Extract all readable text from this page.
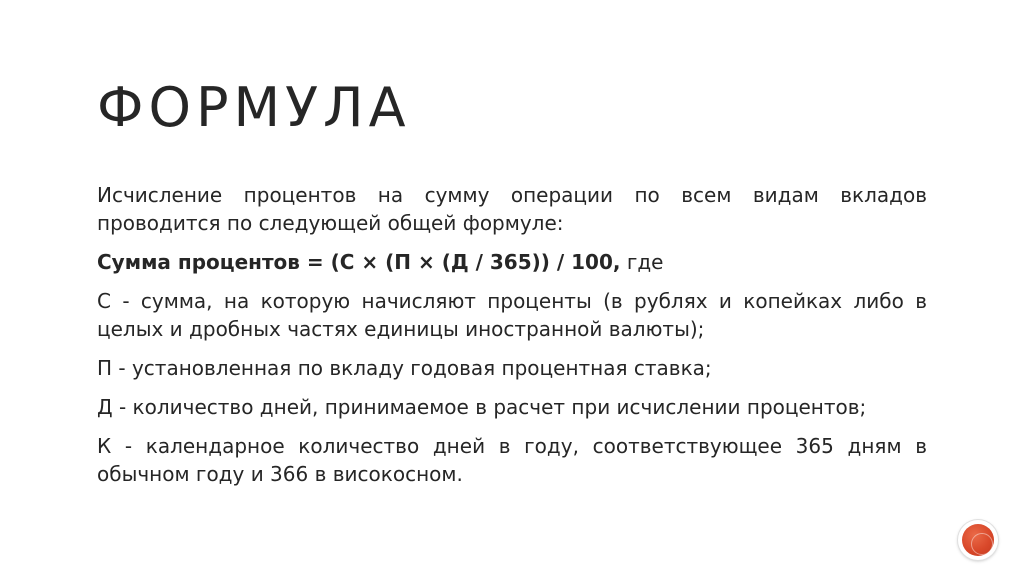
ФОРМУЛА

Исчисление процентов на сумму операции по всем видам вкладов проводится по следующей общей формуле:

Сумма процентов = (С × (П × (Д / 365)) / 100, где

С - сумма, на которую начисляют проценты (в рублях и копейках либо в целых и дробных частях единицы иностранной валюты);

П - установленная по вкладу годовая процентная ставка;

Д - количество дней, принимаемое в расчет при исчислении процентов;

К - календарное количество дней в году, соответствующее 365 дням в обычном году и 366 в високосном.
